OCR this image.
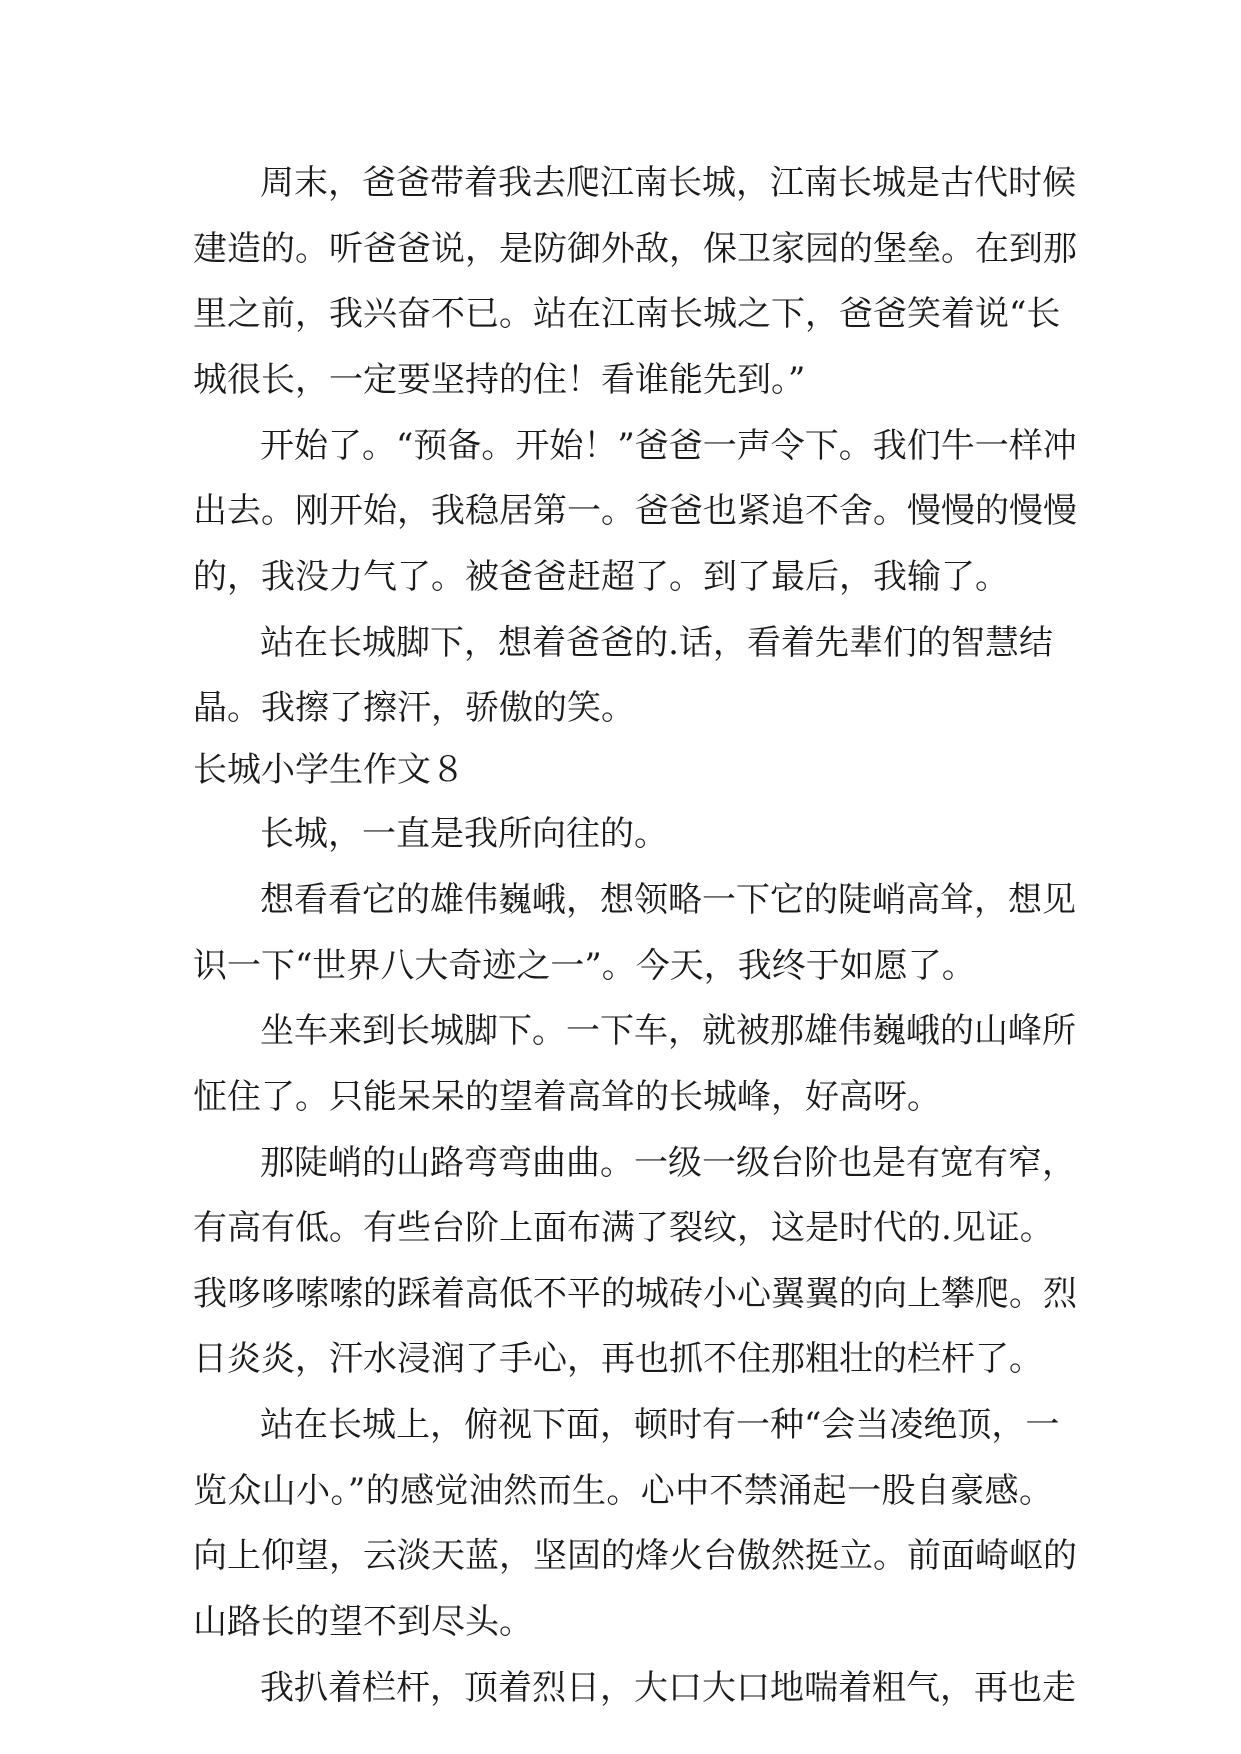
周末，爸爸带着我去爬江南长城，江南长城是古代时候
建造的。听爸爸说，是防御外敌，保卫家园的堡垒。在到那
里之前，我兴奋不已。站在江南长城之下，爸爸笑着说“长
城很长，一定要坚持的住！看谁能先到。”
开始了。“预备。开始！”爸爸一声令下。我们牛一样冲
出去。刚开始，我稳居第一。爸爸也紧追不舍。慢慢的慢慢
的，我没力气了。被爸爸赶超了。到了最后，我输了。
站在长城脚下，想着爸爸的.话，看着先辈们的智慧结
晶。我擦了擦汗，骄傲的笑。
长城小学生作文８
长城，一直是我所向往的。
想看看它的雄伟巍峨，想领略一下它的陡峭高耸，想见
识一下“世界八大奇迹之一”。今天，我终于如愿了。
坐车来到长城脚下。一下车，就被那雄伟巍峨的山峰所
怔住了。只能呆呆的望着高耸的长城峰，好高呀。
那陡峭的山路弯弯曲曲。一级一级台阶也是有宽有窄，
有高有低。有些台阶上面布满了裂纹，这是时代的.见证。
我哆哆嗦嗦的踩着高低不平的城砖小心翼翼的向上攀爬。烈
日炎炎，汗水浸润了手心，再也抓不住那粗壮的栏杆了。
站在长城上，俯视下面，顿时有一种“会当凌绝顶，一
览众山小。”的感觉油然而生。心中不禁涌起一股自豪感。
向上仰望，云淡天蓝，坚固的烽火台傲然挺立。前面崎岖的
山路长的望不到尽头。
我扒着栏杆，顶着烈日，大口大口地喘着粗气，再也走
